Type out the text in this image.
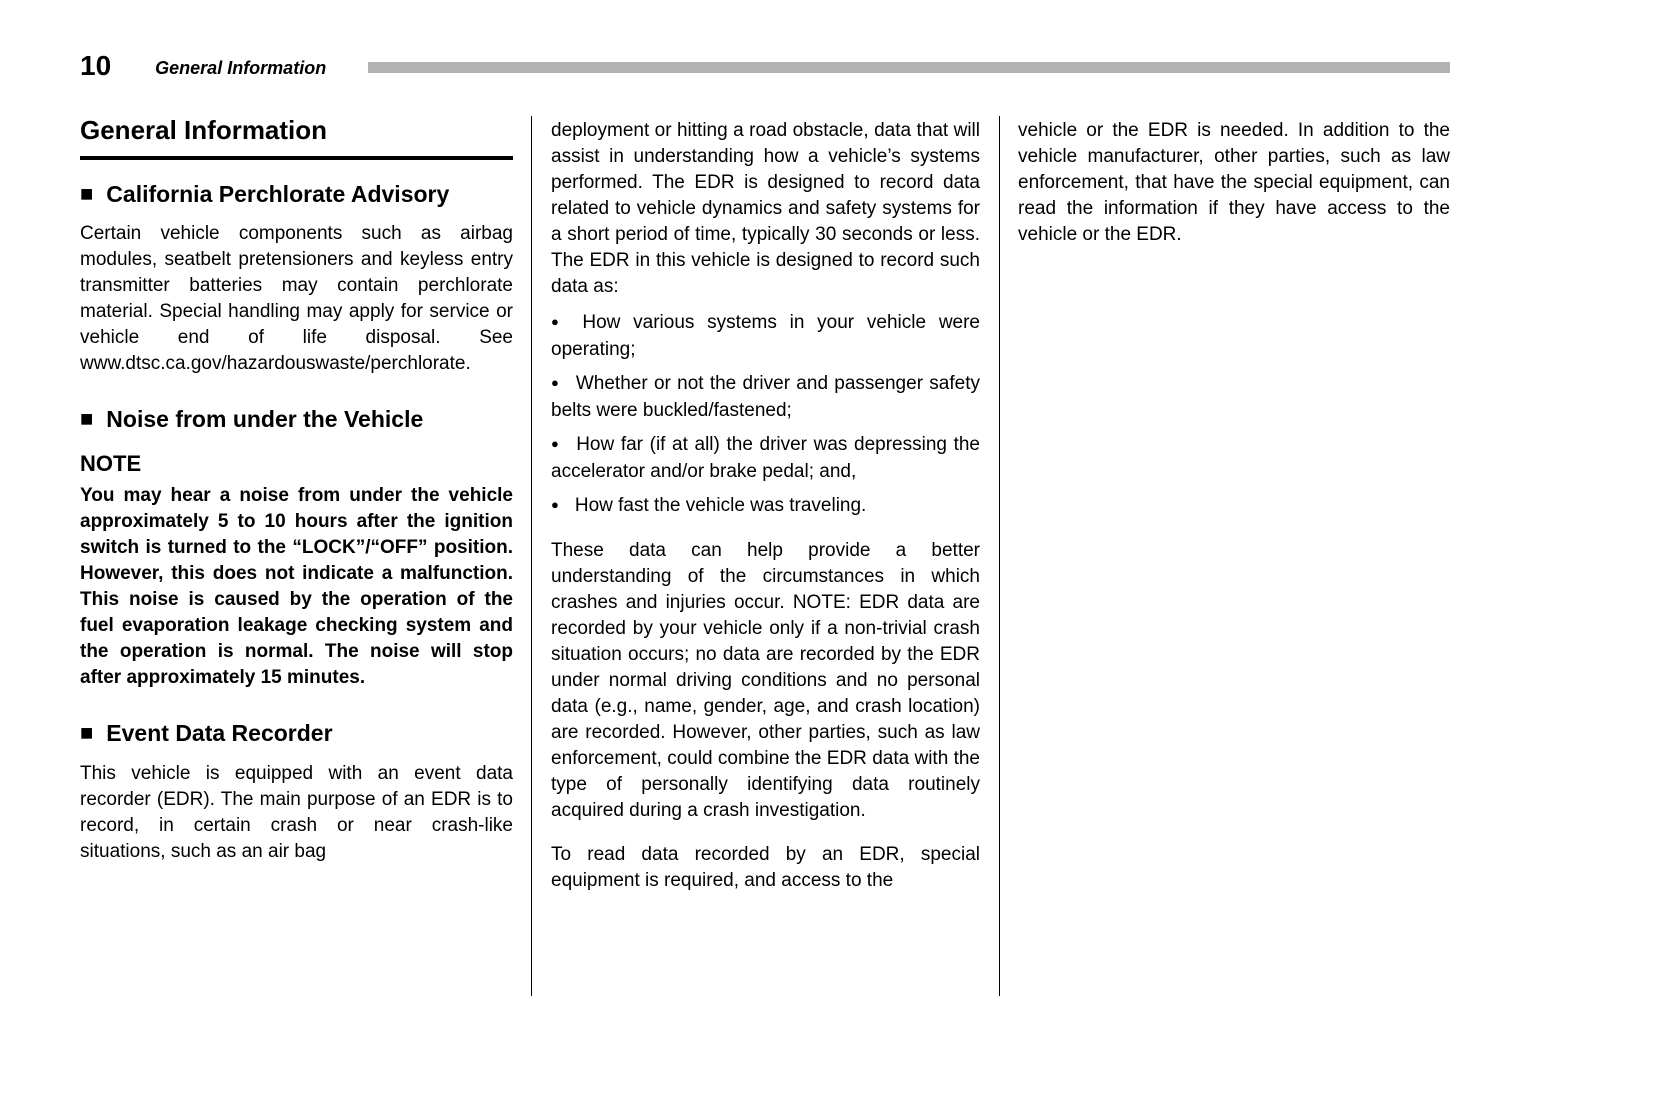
10 General Information
General Information
■ California Perchlorate Advisory

Certain vehicle components such as airbag modules, seatbelt pretensioners and keyless entry transmitter batteries may contain perchlorate material. Special handling may apply for service or vehicle end of life disposal. See www.dtsc.ca.gov/hazardouswaste/perchlorate.

■ Noise from under the Vehicle
NOTE

You may hear a noise from under the vehicle approximately 5 to 10 hours after the ignition switch is turned to the “LOCK”/“OFF” position. However, this does not indicate a malfunction. This noise is caused by the operation of the fuel evaporation leakage checking system and the operation is normal. The noise will stop after approximately 15 minutes.

■ Event Data Recorder

This vehicle is equipped with an event data recorder (EDR). The main purpose of an EDR is to record, in certain crash or near crash-like situations, such as an air bag

deployment or hitting a road obstacle, data that will assist in understanding how a vehicle’s systems performed. The EDR is designed to record data related to vehicle dynamics and safety systems for a short period of time, typically 30 seconds or less. The EDR in this vehicle is designed to record such data as:

● How various systems in your vehicle were operating;

● Whether or not the driver and passenger safety belts were buckled/fastened;

● How far (if at all) the driver was depressing the accelerator and/or brake pedal; and,

● How fast the vehicle was traveling.

These data can help provide a better understanding of the circumstances in which crashes and injuries occur. NOTE: EDR data are recorded by your vehicle only if a non-trivial crash situation occurs; no data are recorded by the EDR under normal driving conditions and no personal data (e.g., name, gender, age, and crash location) are recorded. However, other parties, such as law enforcement, could combine the EDR data with the type of personally identifying data routinely acquired during a crash investigation.

To read data recorded by an EDR, special equipment is required, and access to the

vehicle or the EDR is needed. In addition to the vehicle manufacturer, other parties, such as law enforcement, that have the special equipment, can read the information if they have access to the vehicle or the EDR.
